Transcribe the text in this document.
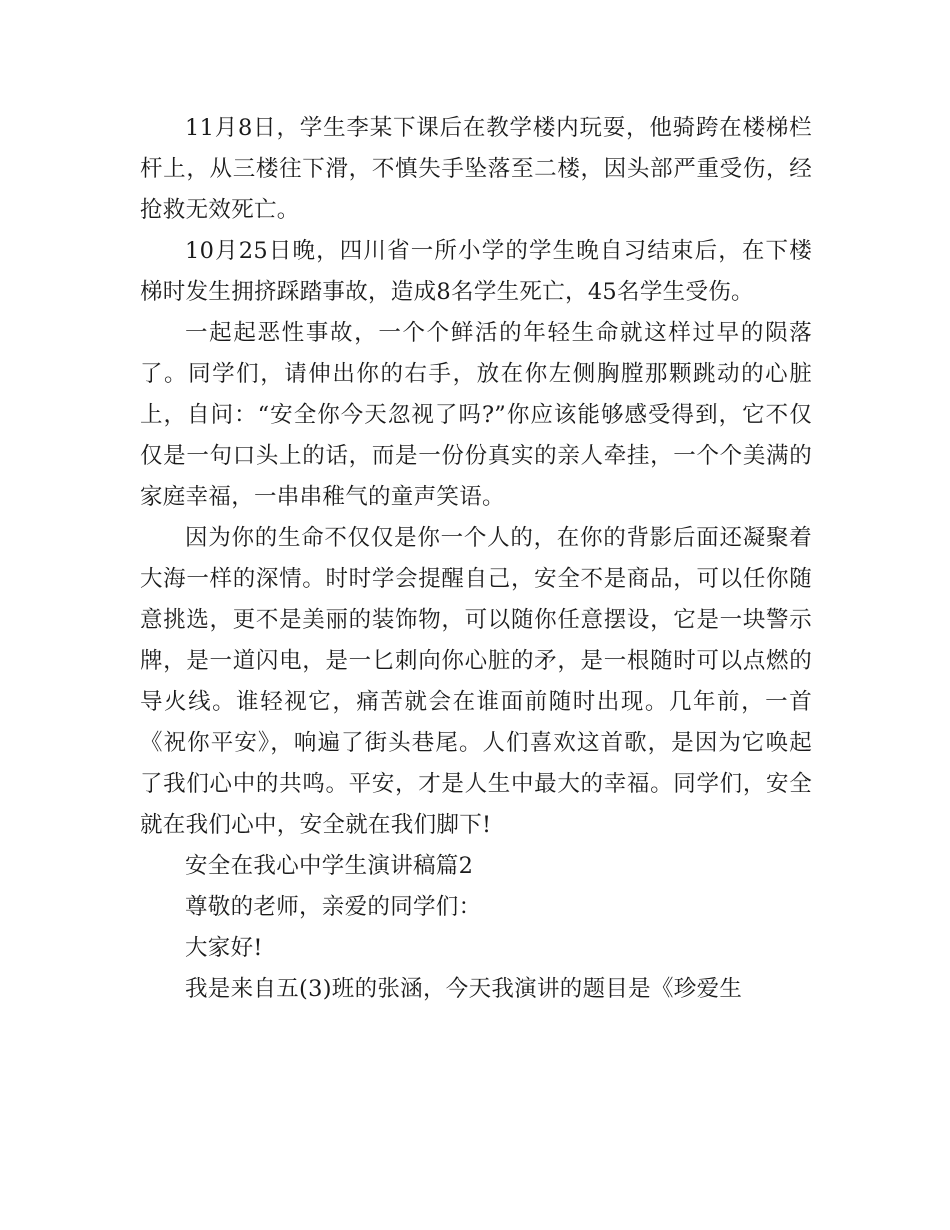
11月8日，学生李某下课后在教学楼内玩耍，他骑跨在楼梯栏杆上，从三楼往下滑，不慎失手坠落至二楼，因头部严重受伤，经抢救无效死亡。

10月25日晚，四川省一所小学的学生晚自习结束后，在下楼梯时发生拥挤踩踏事故，造成8名学生死亡，45名学生受伤。

一起起恶性事故，一个个鲜活的年轻生命就这样过早的陨落了。同学们，请伸出你的右手，放在你左侧胸膛那颗跳动的心脏上，自问：“安全你今天忽视了吗?”你应该能够感受得到，它不仅仅是一句口头上的话，而是一份份真实的亲人牵挂，一个个美满的家庭幸福，一串串稚气的童声笑语。

因为你的生命不仅仅是你一个人的，在你的背影后面还凝聚着大海一样的深情。时时学会提醒自己，安全不是商品，可以任你随意挑选，更不是美丽的装饰物，可以随你任意摆设，它是一块警示牌，是一道闪电，是一匕刺向你心脏的矛，是一根随时可以点燃的导火线。谁轻视它，痛苦就会在谁面前随时出现。几年前，一首《祝你平安》，响遍了街头巷尾。人们喜欢这首歌，是因为它唤起了我们心中的共鸣。平安，才是人生中最大的幸福。同学们，安全就在我们心中，安全就在我们脚下!

安全在我心中学生演讲稿篇2

尊敬的老师，亲爱的同学们：

大家好!

我是来自五(3)班的张涵，今天我演讲的题目是《珍爱生
